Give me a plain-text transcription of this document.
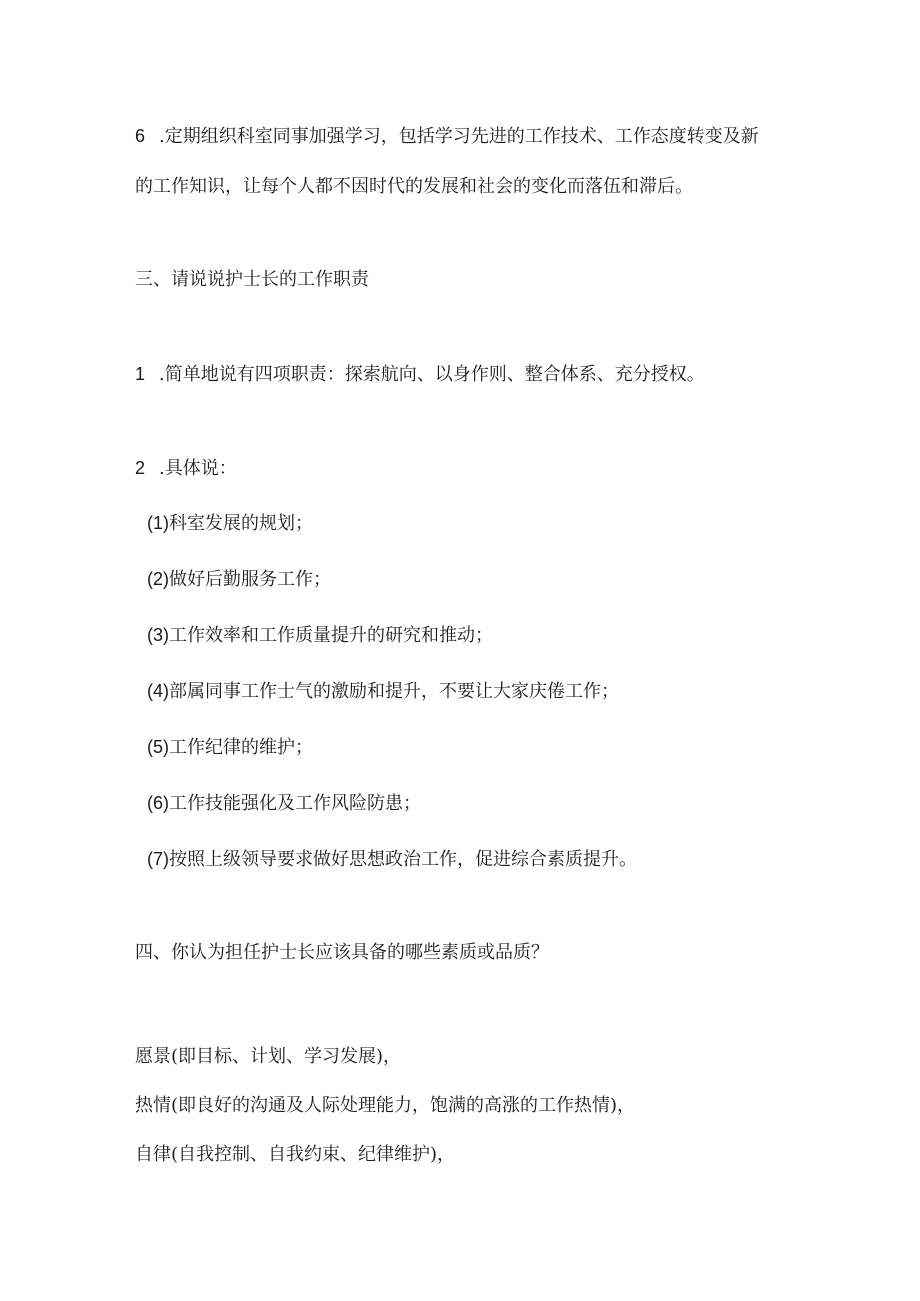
6 .定期组织科室同事加强学习，包括学习先进的工作技术、工作态度转变及新

的工作知识，让每个人都不因时代的发展和社会的变化而落伍和滞后。

三、请说说护士长的工作职责

1 .简单地说有四项职责：探索航向、以身作则、整合体系、充分授权。

2 .具体说：

(1)科室发展的规划；

(2)做好后勤服务工作；

(3)工作效率和工作质量提升的研究和推动；

(4)部属同事工作士气的激励和提升，不要让大家庆倦工作；

(5)工作纪律的维护；

(6)工作技能强化及工作风险防患；

(7)按照上级领导要求做好思想政治工作，促进综合素质提升。

四、你认为担任护士长应该具备的哪些素质或品质？

愿景(即目标、计划、学习发展)，

热情(即良好的沟通及人际处理能力，饱满的高涨的工作热情)，

自律(自我控制、自我约束、纪律维护)，
